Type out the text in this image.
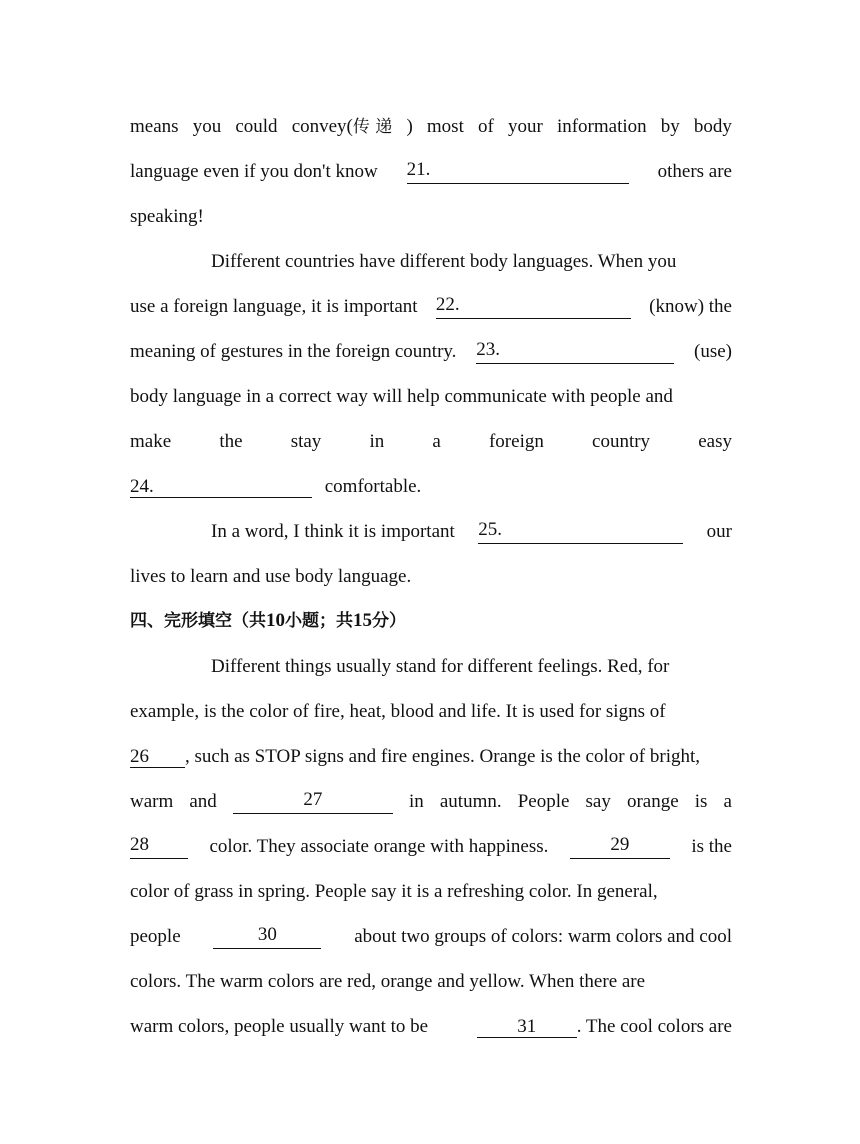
means you could convey(传 递 ) most of your information by body
language even if you don't know 21.	others are
speaking!
Different countries have different body languages. When you
use a foreign language, it is important 22.	(know) the
meaning of gestures in the foreign country. 23.	(use)
body language in a correct way will help communicate with people and
make	the	stay	in	a	foreign	country	easy
24.	comfortable.
In a word, I think it is important 25.	our
lives to learn and use body language.
四、完形填空（共10小题；共15分）
Different things usually stand for different feelings. Red, for
example, is the color of fire, heat, blood and life. It is used for signs of
26 , such as STOP signs and fire engines. Orange is the color of bright,
warm and	27	in autumn. People say orange is a
28	color. They associate orange with happiness.	29	is the
color of grass in spring. People say it is a refreshing color. In general,
people	30	about two groups of colors: warm colors and cool
colors. The warm colors are red, orange and yellow. When there are
warm colors, people usually want to be	31 . The cool colors are
